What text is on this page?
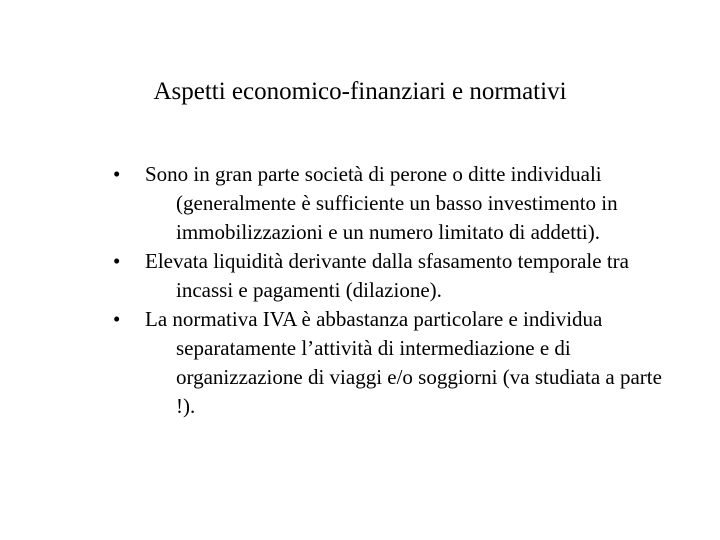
Aspetti economico-finanziari e normativi
•	Sono in gran parte società di perone o ditte individuali
(generalmente è sufficiente un basso investimento in
immobilizzazioni e un numero limitato di addetti).
•	Elevata liquidità derivante dalla sfasamento temporale tra
incassi e pagamenti (dilazione).
•	La normativa IVA è abbastanza particolare e individua
separatamente l’attività di intermediazione e di
organizzazione di viaggi e/o soggiorni (va studiata a parte
!).
